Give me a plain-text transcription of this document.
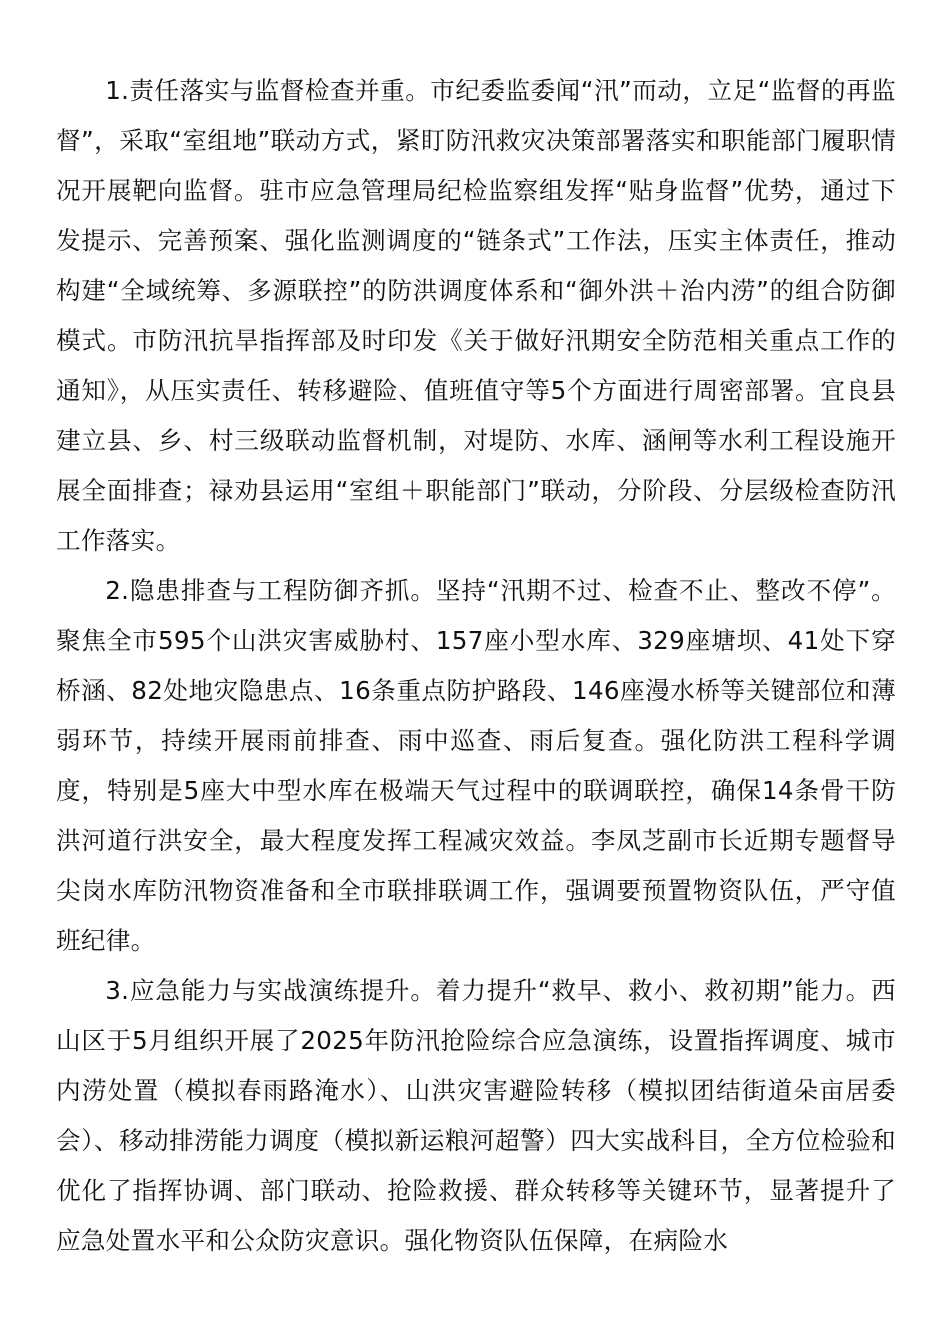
1.责任落实与监督检查并重。市纪委监委闻“汛”而动，立足“监督的再监督”，采取“室组地”联动方式，紧盯防汛救灾决策部署落实和职能部门履职情况开展靶向监督。驻市应急管理局纪检监察组发挥“贴身监督”优势，通过下发提示、完善预案、强化监测调度的“链条式”工作法，压实主体责任，推动构建“全域统筹、多源联控”的防洪调度体系和“御外洪＋治内涝”的组合防御模式。市防汛抗旱指挥部及时印发《关于做好汛期安全防范相关重点工作的通知》，从压实责任、转移避险、值班值守等5个方面进行周密部署。宜良县建立县、乡、村三级联动监督机制，对堤防、水库、涵闸等水利工程设施开展全面排查；禄劝县运用“室组＋职能部门”联动，分阶段、分层级检查防汛工作落实。

2.隐患排查与工程防御齐抓。坚持“汛期不过、检查不止、整改不停”。聚焦全市595个山洪灾害威胁村、157座小型水库、329座塘坝、41处下穿桥涵、82处地灾隐患点、16条重点防护路段、146座漫水桥等关键部位和薄弱环节，持续开展雨前排查、雨中巡查、雨后复查。强化防洪工程科学调度，特别是5座大中型水库在极端天气过程中的联调联控，确保14条骨干防洪河道行洪安全，最大程度发挥工程减灾效益。李凤芝副市长近期专题督导尖岗水库防汛物资准备和全市联排联调工作，强调要预置物资队伍，严守值班纪律。

3.应急能力与实战演练提升。着力提升“救早、救小、救初期”能力。西山区于5月组织开展了2025年防汛抢险综合应急演练，设置指挥调度、城市内涝处置（模拟春雨路淹水）、山洪灾害避险转移（模拟团结街道朵亩居委会）、移动排涝能力调度（模拟新运粮河超警）四大实战科目，全方位检验和优化了指挥协调、部门联动、抢险救援、群众转移等关键环节，显著提升了应急处置水平和公众防灾意识。强化物资队伍保障，在病险水
